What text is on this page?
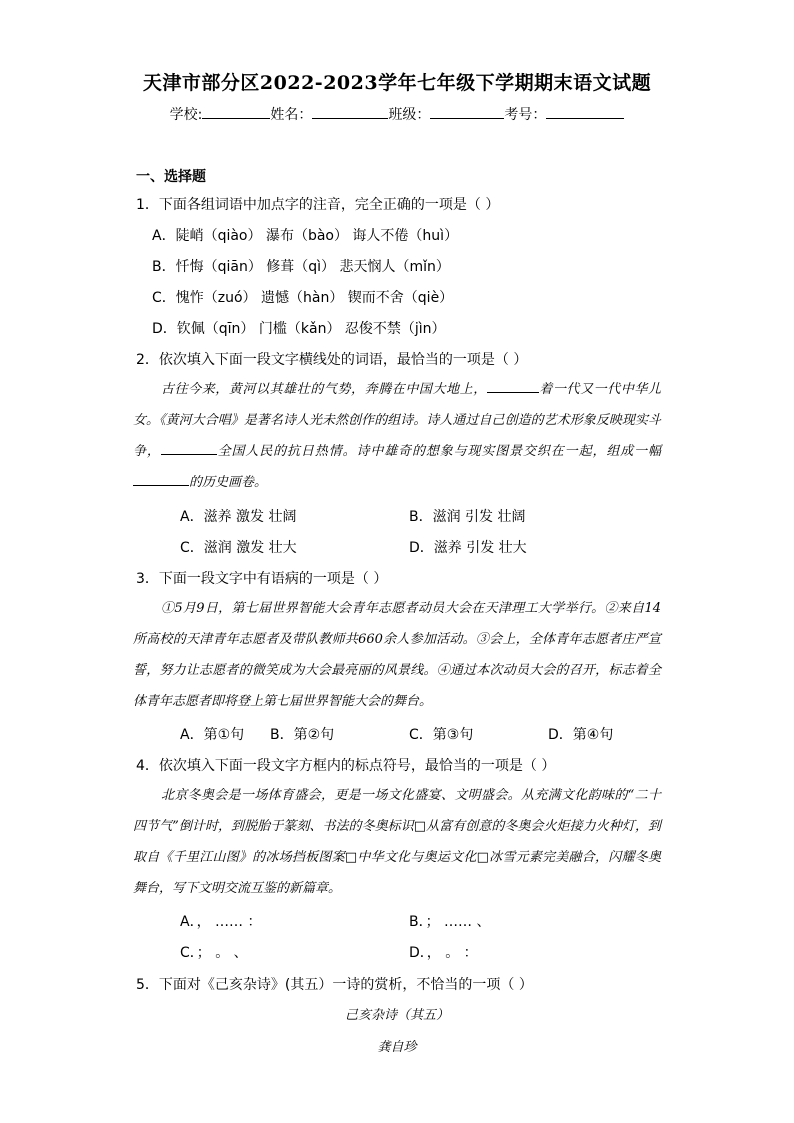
天津市部分区2022-2023学年七年级下学期期末语文试题
学校:	姓名：	班级：	考号：
一、选择题
1．下面各组词语中加点字的注音，完全正确的一项是（ ）
A．陡峭（qiào） 瀑布（bào） 诲人不倦（huì）
B．忏悔（qiān） 修葺（qì） 悲天悯人（mǐn）
C．愧怍（zuó） 遗憾（hàn） 锲而不舍（qiè）
D．钦佩（qīn） 门槛（kǎn） 忍俊不禁（jìn）
2．依次填入下面一段文字横线处的词语，最恰当的一项是（ ）

古往今来，黄河以其雄壮的气势，奔腾在中国大地上，	着一代又一代中华儿女。《黄河大合唱》是著名诗人光未然创作的组诗。诗人通过自己创造的艺术形象反映现实斗争，	全国人民的抗日热情。诗中雄奇的想象与现实图景交织在一起，组成一幅的历史画卷。

A．滋养 激发 壮阔	B．滋润 引发 壮阔
C．滋润 激发 壮大	D．滋养 引发 壮大
3．下面一段文字中有语病的一项是（ ）

①5月9日，第七届世界智能大会青年志愿者动员大会在天津理工大学举行。②来自14所高校的天津青年志愿者及带队教师共660余人参加活动。③会上，全体青年志愿者庄严宣誓，努力让志愿者的微笑成为大会最亮丽的风景线。④通过本次动员大会的召开，标志着全体青年志愿者即将登上第七届世界智能大会的舞台。

A．第①句 B．第②句	C．第③句	D．第④句
4．依次填入下面一段文字方框内的标点符号，最恰当的一项是（ ）

北京冬奥会是一场体育盛会，更是一场文化盛宴、文明盛会。从充满文化韵味的“二十四节气”倒计时，到脱胎于篆刻、书法的冬奥标识□从富有创意的冬奥会火炬接力火种灯，到取自《千里江山图》的冰场挡板图案□中华文化与奥运文化□冰雪元素完美融合，闪耀冬奥舞台，写下文明交流互鉴的新篇章。

A．， …… ：	B．； …… 、
C．； 。 、	D．， 。 ：
5．下面对《己亥杂诗》(其五）一诗的赏析，不恰当的一项（ ）
己亥杂诗（其五）
龚自珍
